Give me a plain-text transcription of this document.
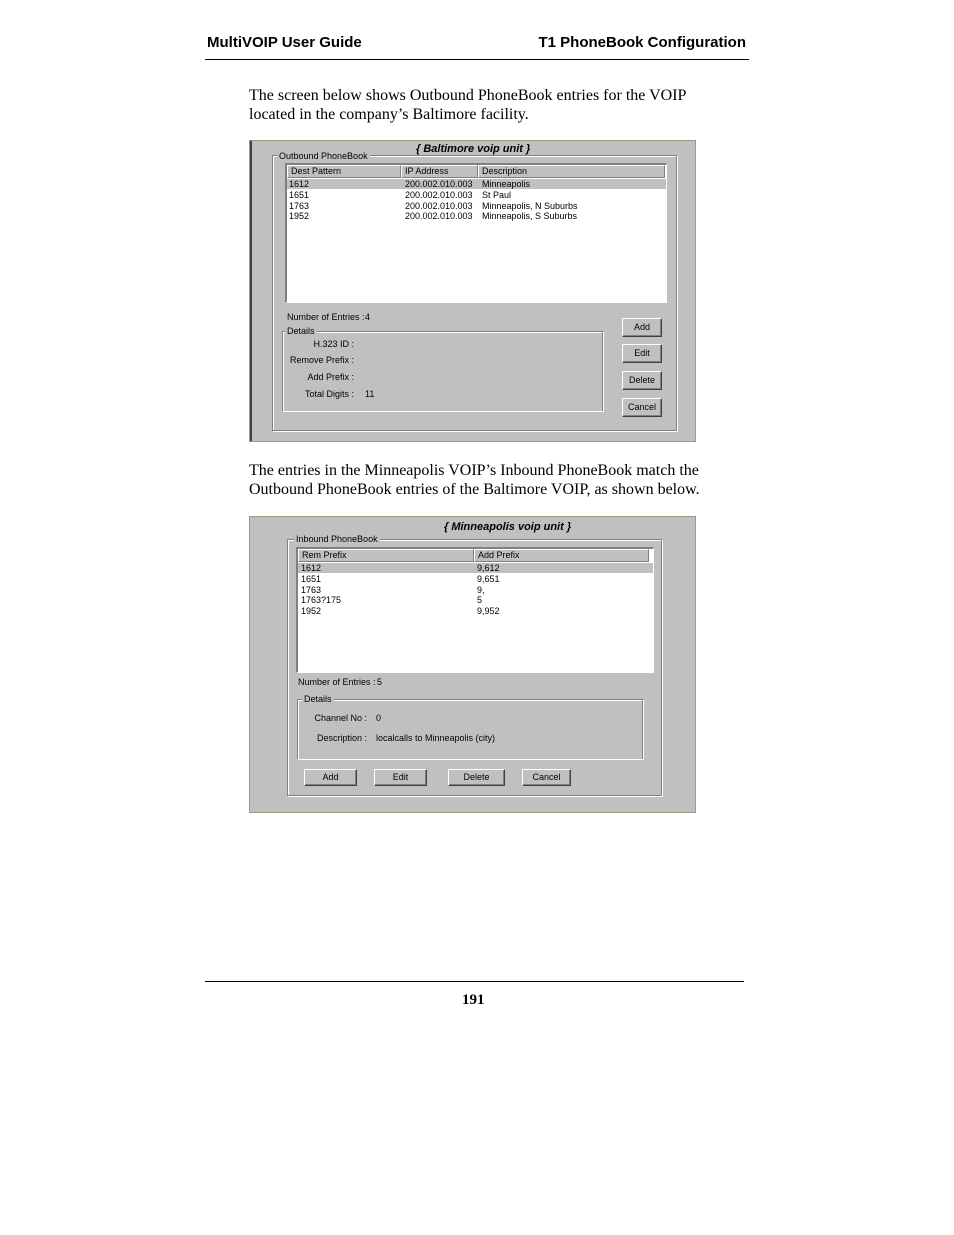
MultiVOIP User Guide	T1 PhoneBook Configuration
The screen below shows Outbound PhoneBook entries for the VOIP located in the company’s Baltimore facility.
{ Baltimore voip unit }
Outbound PhoneBook
Dest Pattern	IP Address	Description
1612	200.002.010.003 Minneapolis
1651	200.002.010.003 St Paul
1763	200.002.010.003 Minneapolis, N Suburbs
1952	200.002.010.003 Minneapolis, S Suburbs
Number of Entries : 4
Details
H.323 ID :
Remove Prefix :
Add Prefix :
Total Digits : 11
Add
Edit
Delete
Cancel
The entries in the Minneapolis VOIP’s Inbound PhoneBook match the Outbound PhoneBook entries of the Baltimore VOIP, as shown below.
{ Minneapolis voip unit }
Inbound PhoneBook
Rem Prefix	Add Prefix
1612	9,612
1651	9,651
1763	9,
1763?175	5
1952	9,952
Number of Entries : 5
Details
Channel No : 0
Description : localcalls to Minneapolis (city)
Add	Edit	Delete	Cancel
191
